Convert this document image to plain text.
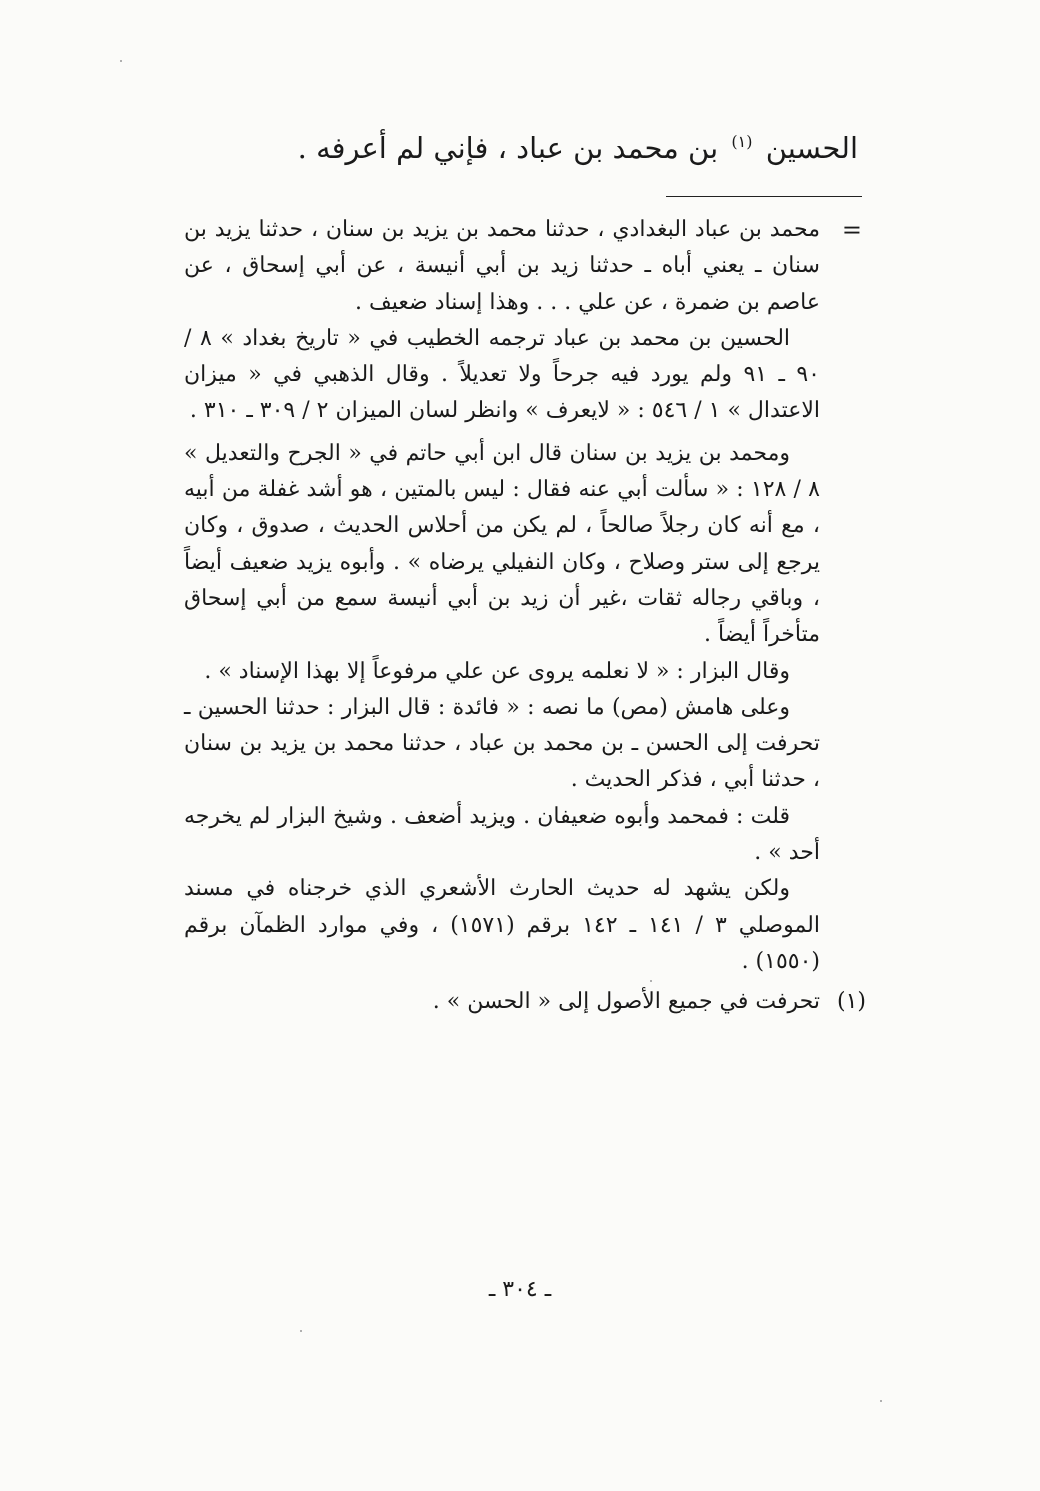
الحسين $^{(١)}$ بن محمد بن عباد ، فإني لم أعرفه .

=
محمد بن عباد البغدادي ، حدثنا محمد بن يزيد بن سنان ، حدثنا يزيد بن سنان ـ يعني أباه ـ حدثنا زيد بن أبي أنيسة ، عن أبي إسحاق ، عن عاصم بن ضمرة ، عن علي . . . وهذا إسناد ضعيف .

الحسين بن محمد بن عباد ترجمه الخطيب في « تاريخ بغداد » ٨ / ٩٠ ـ ٩١ ولم يورد فيه جرحاً ولا تعديلاً . وقال الذهبي في « ميزان الاعتدال » ١ / ٥٤٦ : « لايعرف » وانظر لسان الميزان ٢ / ٣٠٩ ـ ٣١٠ .

ومحمد بن يزيد بن سنان قال ابن أبي حاتم في « الجرح والتعديل » ٨ / ١٢٨ : « سألت أبي عنه فقال : ليس بالمتين ، هو أشد غفلة من أبيه ، مع أنه كان رجلاً صالحاً ، لم يكن من أحلاس الحديث ، صدوق ، وكان يرجع إلى ستر وصلاح ، وكان النفيلي يرضاه » . وأبوه يزيد ضعيف أيضاً ، وباقي رجاله ثقات ،غير أن زيد بن أبي أنيسة سمع من أبي إسحاق متأخراً أيضاً .

وقال البزار : « لا نعلمه يروى عن علي مرفوعاً إلا بهذا الإسناد » .

وعلى هامش (مص) ما نصه : « فائدة : قال البزار : حدثنا الحسين ـ تحرفت إلى الحسن ـ بن محمد بن عباد ، حدثنا محمد بن يزيد بن سنان ، حدثنا أبي ، فذكر الحديث .

قلت : فمحمد وأبوه ضعيفان . ويزيد أضعف . وشيخ البزار لم يخرجه أحد » .

ولكن يشهد له حديث الحارث الأشعري الذي خرجناه في مسند الموصلي ٣ / ١٤١ ـ ١٤٢ برقم (١٥٧١) ، وفي موارد الظمآن برقم (١٥٥٠) .

(١)
تحرفت في جميع الأصول إلى « الحسن » .
ـ ٣٠٤ ـ
